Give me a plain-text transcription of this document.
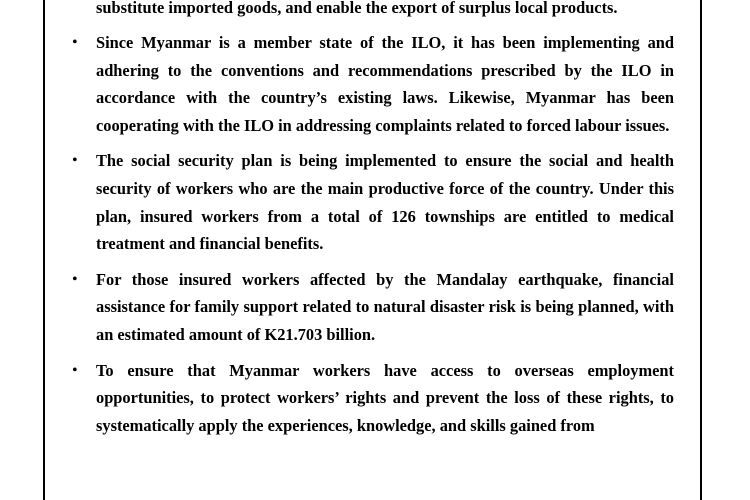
substitute imported goods, and enable the export of surplus local products.

•	Since Myanmar is a member state of the ILO, it has been implementing and adhering to the conventions and recommendations prescribed by the ILO in accordance with the country’s existing laws. Likewise, Myanmar has been cooperating with the ILO in addressing complaints related to forced labour issues.
•	The social security plan is being implemented to ensure the social and health security of workers who are the main productive force of the country. Under this plan, insured workers from a total of 126 townships are entitled to medical treatment and financial benefits.
•	For those insured workers affected by the Mandalay earthquake, financial assistance for family support related to natural disaster risk is being planned, with an estimated amount of K21.703 billion.
•	To ensure that Myanmar workers have access to overseas employment opportunities, to protect workers’ rights and prevent the loss of these rights, to systematically apply the experiences, knowledge, and skills gained from
